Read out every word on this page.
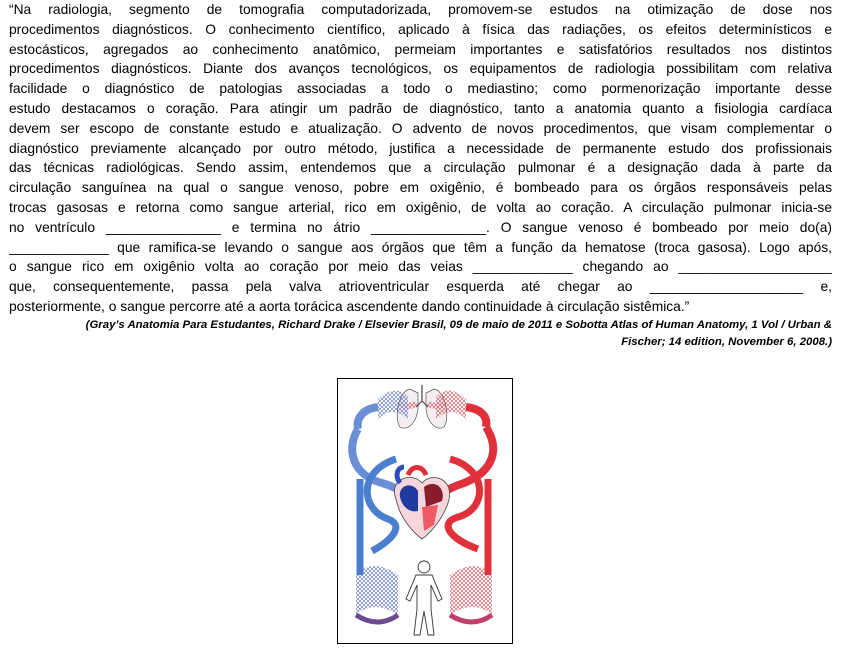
“Na radiologia, segmento de tomografia computadorizada, promovem-se estudos na otimização de dose nos
procedimentos diagnósticos. O conhecimento científico, aplicado à física das radiações, os efeitos determinísticos e
estocásticos, agregados ao conhecimento anatômico, permeiam importantes e satisfatórios resultados nos distintos
procedimentos diagnósticos. Diante dos avanços tecnológicos, os equipamentos de radiologia possibilitam com relativa
facilidade o diagnóstico de patologias associadas a todo o mediastino; como pormenorização importante desse
estudo destacamos o coração. Para atingir um padrão de diagnóstico, tanto a anatomia quanto a fisiologia cardíaca
devem ser escopo de constante estudo e atualização. O advento de novos procedimentos, que visam complementar o
diagnóstico previamente alcançado por outro método, justifica a necessidade de permanente estudo dos profissionais
das técnicas radiológicas. Sendo assim, entendemos que a circulação pulmonar é a designação dada à parte da
circulação sanguínea na qual o sangue venoso, pobre em oxigênio, é bombeado para os órgãos responsáveis pelas
trocas gasosas e retorna como sangue arterial, rico em oxigênio, de volta ao coração. A circulação pulmonar inicia-se
no ventrículo _______________ e termina no átrio _______________. O sangue venoso é bombeado por meio do(a)
_____________ que ramifica-se levando o sangue aos órgãos que têm a função da hematose (troca gasosa). Logo após,
o sangue rico em oxigênio volta ao coração por meio das veias _____________ chegando ao ____________________
que, consequentemente, passa pela valva atrioventricular esquerda até chegar ao ____________________ e,
posteriormente, o sangue percorre até a aorta torácica ascendente dando continuidade à circulação sistêmica.”
(Gray’s Anatomia Para Estudantes, Richard Drake / Elsevier Brasil, 09 de maio de 2011 e Sobotta Atlas of Human Anatomy, 1 Vol / Urban &
Fischer; 14 edition, November 6, 2008.)
